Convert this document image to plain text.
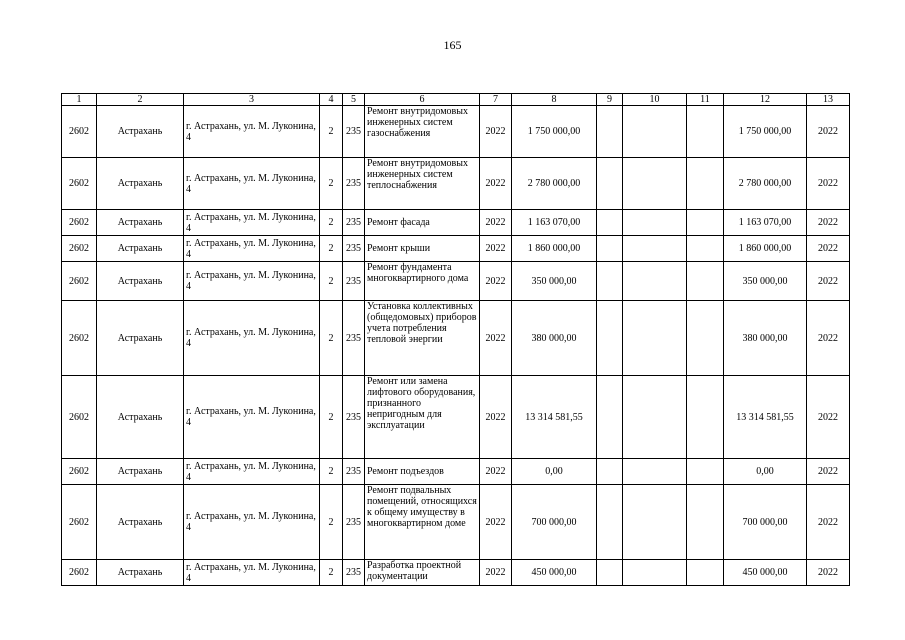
165
1	2	3	4	5	6	7	8	9	10	11	12	13
2602	Астрахань	г. Астрахань, ул. М. Луконина, 4	2	235	Ремонт внутридомовых инженерных систем газоснабжения	2022	1 750 000,00				1 750 000,00	2022
2602	Астрахань	г. Астрахань, ул. М. Луконина, 4	2	235	Ремонт внутридомовых инженерных систем теплоснабжения	2022	2 780 000,00				2 780 000,00	2022
2602	Астрахань	г. Астрахань, ул. М. Луконина, 4	2	235	Ремонт фасада	2022	1 163 070,00				1 163 070,00	2022
2602	Астрахань	г. Астрахань, ул. М. Луконина, 4	2	235	Ремонт крыши	2022	1 860 000,00				1 860 000,00	2022
2602	Астрахань	г. Астрахань, ул. М. Луконина, 4	2	235	Ремонт фундамента многоквартирного дома	2022	350 000,00				350 000,00	2022
2602	Астрахань	г. Астрахань, ул. М. Луконина, 4	2	235	Установка коллективных (общедомовых) приборов учета потребления тепловой энергии	2022	380 000,00				380 000,00	2022
2602	Астрахань	г. Астрахань, ул. М. Луконина, 4	2	235	Ремонт или замена лифтового оборудования, признанного непригодным для эксплуатации	2022	13 314 581,55				13 314 581,55	2022
2602	Астрахань	г. Астрахань, ул. М. Луконина, 4	2	235	Ремонт подъездов	2022	0,00				0,00	2022
2602	Астрахань	г. Астрахань, ул. М. Луконина, 4	2	235	Ремонт подвальных помещений, относящихся к общему имуществу в многоквартирном доме	2022	700 000,00				700 000,00	2022
2602	Астрахань	г. Астрахань, ул. М. Луконина, 4	2	235	Разработка проектной документации	2022	450 000,00				450 000,00	2022
